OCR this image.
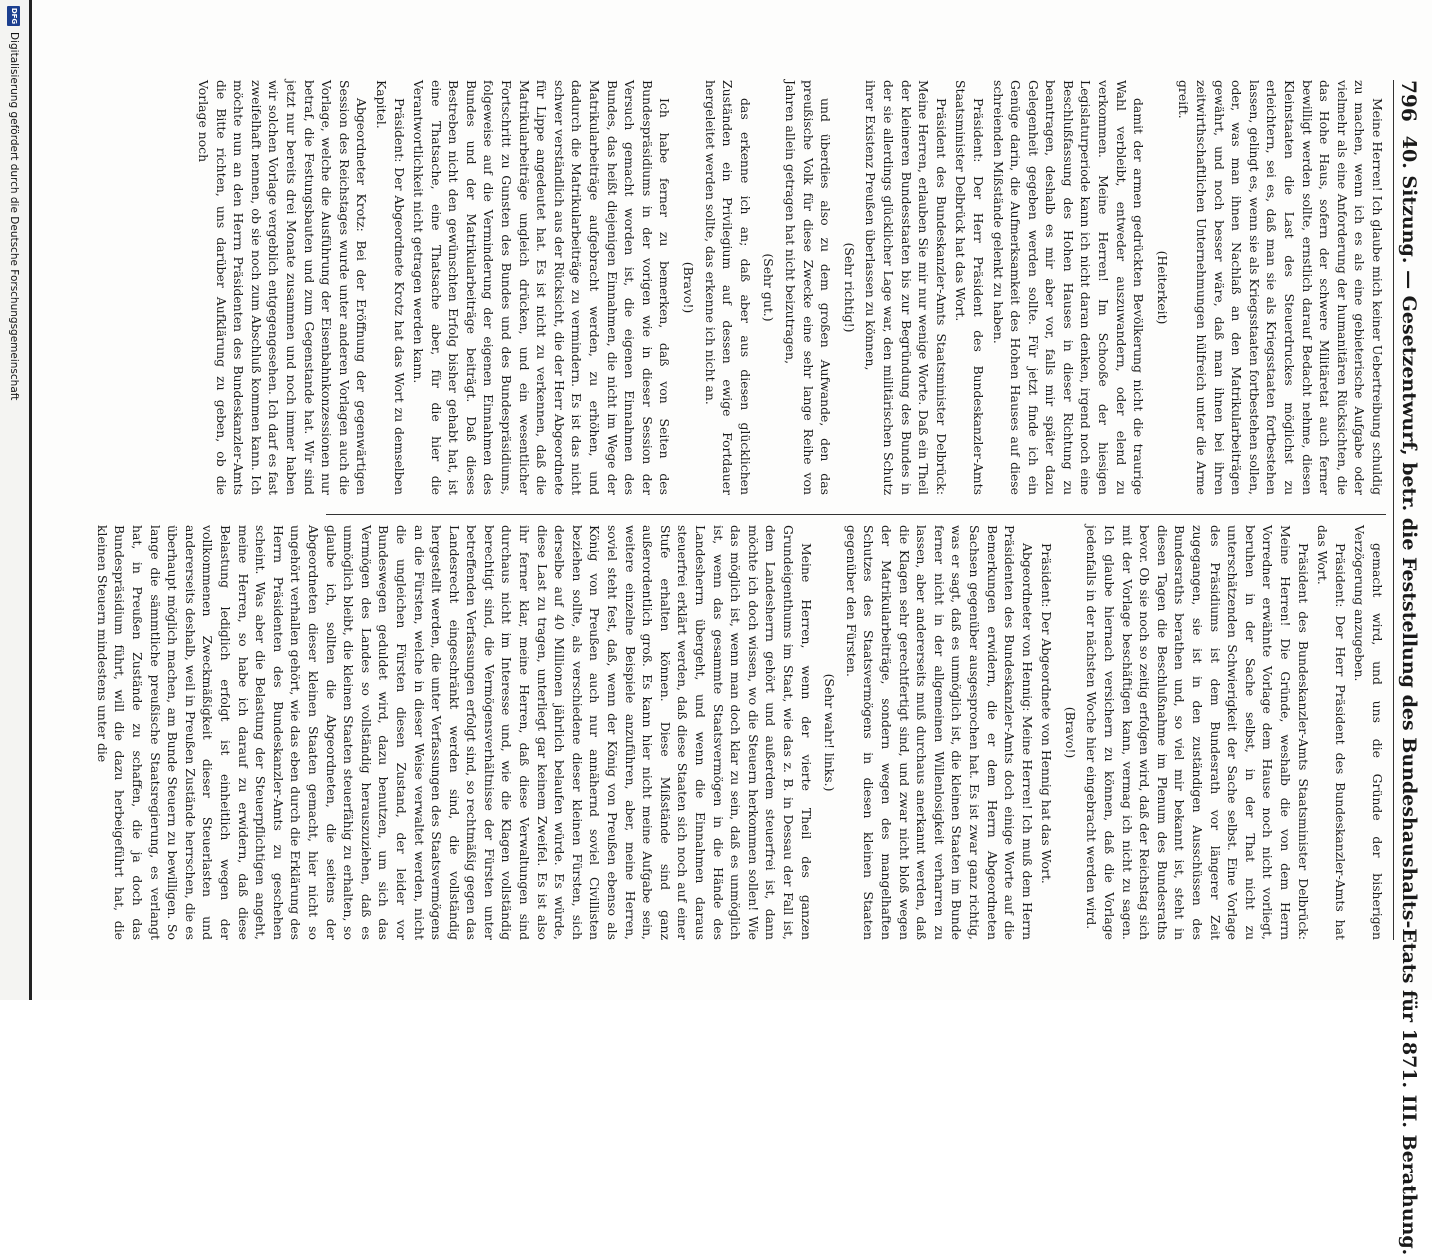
796
40. Sitzung. — Gesetzentwurf, betr. die Feststellung des Bundeshaushalts-Etats für 1871. III. Berathung.

Meine Herren! Ich glaube mich keiner Uebertreibung schuldig zu machen, wenn ich es als eine gebieterische Aufgabe oder vielmehr als eine Anforderung der humanitären Rücksichten, die das Hohe Haus, sofern der schwere Militäretat auch ferner bewilligt werden sollte, ernstlich darauf Bedacht nehme, diesen Kleinstaaten die Last des Steuerdruckes möglichst zu erleichtern, sei es, daß man sie als Kriegsstaaten fortbestehen lassen, gelingt es, wenn sie als Kriegsstaaten fortbestehen sollen, oder, was man ihnen Nachlaß an den Matrikularbeiträgen gewährt, und noch besser wäre, daß man ihnen bei ihren zeitwirthschaftlichen Unternehmungen hülfreich unter die Arme greift.

(Heiterkeit)

damit der armen gedrückten Bevölkerung nicht die traurige Wahl verbleibt, entweder auszuwandern, oder elend zu verkommen. Meine Herren! Im Schooße der hiesigen Legislaturperiode kann ich nicht daran denken, irgend noch eine Beschlußfassung des Hohen Hauses in dieser Richtung zu beantragen, deshalb es mir aber vor, falls mir später dazu Gelegenheit gegeben werden sollte. Für jetzt finde ich ein Genüge darin, die Aufmerksamkeit des Hohen Hauses auf diese schreienden Mißstände gelenkt zu haben.

Präsident: Der Herr Präsident des Bundeskanzler-Amts Staatsminister Delbrück hat das Wort.

Präsident des Bundeskanzler-Amts Staatsminister Delbrück: Meine Herren, erlauben Sie mir nur wenige Worte. Daß ein Theil der kleineren Bundesstaaten bis zur Begründung des Bundes in der sie allerdings glücklicher Lage war, den militärischen Schutz ihrer Existenz Preußen überlassen zu können,

(Sehr richtig!)

und überdies also zu dem großen Aufwande, den das preußische Volk für diese Zwecke eine sehr lange Reihe von Jahren allein getragen hat nicht beizutragen,

(Sehr gut.)

das erkenne ich an; daß aber aus diesen glücklichen Zuständen ein Privilegium auf dessen ewige Fortdauer hergeleitet werden sollte, das erkenne ich nicht an.

(Bravo!)

Ich habe ferner zu bemerken, daß von Seiten des Bundespräsidiums in der vorigen wie in dieser Session der Versuch gemacht worden ist, die eigenen Einnahmen des Bundes, das heißt diejenigen Einnahmen, die nicht im Wege der Matrikularbeiträge aufgebracht werden, zu erhöhen, und dadurch die Matrikularbeiträge zu vermindern. Es ist das nicht schwer verständlich aus der Rücksicht, die der Herr Abgeordnete für Lippe angedeutet hat. Es ist nicht zu verkennen, daß die Matrikularbeiträge ungleich drücken, und ein wesentlicher Fortschritt zu Gunsten des Bundes und des Bundespräsidiums, folgeweise auf die Verminderung der eigenen Einnahmen des Bundes und der Matrikularbeiträge beiträgt. Daß dieses Bestreben nicht den gewünschten Erfolg bisher gehabt hat, ist eine Thatsache, eine Thatsache aber, für die hier die Verantwortlichkeit nicht getragen werden kann.

Präsident: Der Abgeordnete Krotz hat das Wort zu demselben Kapitel.

Abgeordneter Krotz: Bei der Eröffnung der gegenwärtigen Session des Reichstages wurde unter anderen Vorlagen auch die Vorlage, welche die Ausführung der Eisenbahnkonzessionen nur betraf, die Festungsbauten und zum Gegenstande hat. Wir sind jetzt nur bereits drei Monate zusammen und noch immer haben wir solchen Vorlage vergeblich entgegengesehen. Ich darf es fast zweifelhaft nennen, ob sie noch zum Abschluß kommen kann. Ich möchte nun an den Herrn Präsidenten des Bundeskanzler-Amts die Bitte richten, uns darüber Aufklärung zu geben, ob die Vorlage noch

gemacht wird, und uns die Gründe der bisherigen Verzögerung anzugeben.

Präsident: Der Herr Präsident des Bundeskanzler-Amts hat das Wort.

Präsident des Bundeskanzler-Amts Staatsminister Delbrück: Meine Herren! Die Gründe, weshalb die von dem Herrn Vorredner erwähnte Vorlage dem Hause noch nicht vorliegt, beruhen in der Sache selbst, in der That nicht zu unterschätzenden Schwierigkeit der Sache selbst. Eine Vorlage des Präsidiums ist dem Bundesrath vor längerer Zeit zugegangen, sie ist in den zuständigen Ausschüssen des Bundesraths berathen und, so viel mir bekannt ist, steht in diesen Tagen die Beschlußnahme im Plenum des Bundesraths bevor. Ob sie noch so zeitig erfolgen wird, daß der Reichstag sich mit der Vorlage beschäftigen kann, vermag ich nicht zu sagen. Ich glaube hiernach versichern zu können, daß die Vorlage jedenfalls in der nächsten Woche hier eingebracht werden wird.

(Bravo!)

Präsident: Der Abgeordnete von Hennig hat das Wort.

Abgeordneter von Hennig: Meine Herren! Ich muß dem Herrn Präsidenten des Bundeskanzler-Amts doch einige Worte auf die Bemerkungen erwidern, die er dem Herrn Abgeordneten Sachsen gegenüber ausgesprochen hat. Es ist zwar ganz richtig, was er sagt, daß es unmöglich ist, die kleinen Staaten im Bunde ferner nicht in der allgemeinen Willenlosigkeit verharren zu lassen, aber andererseits muß durchaus anerkannt werden, daß die Klagen sehr gerechtfertigt sind, und zwar nicht bloß wegen der Matrikularbeiträge, sondern wegen des mangelhaften Schutzes des Staatsvermögens in diesen kleinen Staaten gegenüber den Fürsten.

(Sehr wahr! links.)

Meine Herren, wenn der vierte Theil des ganzen Grundeigenthums im Staat, wie das z. B. in Dessau der Fall ist, dem Landesherrn gehört und außerdem steuerfrei ist, dann möchte ich doch wissen, wo die Steuern herkommen sollen! Wie das möglich ist, wenn man doch klar zu sein, daß es unmöglich ist, wenn das gesammte Staatsvermögen in die Hände des Landesherrn übergeht, und wenn die Einnahmen daraus steuerfrei erklärt werden, daß diese Staaten sich noch auf einer Stufe erhalten können. Diese Mißstände sind ganz außerordentlich groß. Es kann hier nicht meine Aufgabe sein, weitere einzelne Beispiele anzuführen, aber, meine Herren, soviel steht fest, daß, wenn der König von Preußen ebenso als König von Preußen auch nur annähernd soviel Civillisten beziehen sollte, als verschiedene dieser kleinen Fürsten, sich derselbe auf 40 Millionen jährlich belaufen würde. Es würde, diese Last zu tragen, unterliegt gar keinem Zweifel. Es ist also ihr ferner klar, meine Herren, daß diese Verwaltungen sind durchaus nicht im Interesse und, wie die Klagen vollständig berechtigt sind, die Vermögensverhältnisse der Fürsten unter betreffenden Verfassungen erfolgt sind, so rechtmäßig gegen das Landesrecht eingeschränkt werden sind, die vollständig hergestellt werden, die unter Verfassungen des Staatsvermögens an die Fürsten, welche in dieser Weise verwaltet werden, nicht die ungleichen Fürsten diesen Zustand, der leider vor Bundeswegen geduldet wird, dazu benutzen, um sich das Vermögen des Landes so vollständig herauszuziehen, daß es unmöglich bleibt, die kleinen Staaten steuerfähig zu erhalten, so glaube ich, sollten die Abgeordneten, die seitens der Abgeordneten dieser kleinen Staaten gemacht, hier nicht so ungehört verhallen gehört, wie das eben durch die Erklärung des Herrn Präsidenten des Bundeskanzler-Amts zu geschehen scheint. Was aber die Belastung der Steuerpflichtigen angeht, meine Herren, so habe ich darauf zu erwidern, daß diese Belastung lediglich erfolgt ist einheitlich wegen der vollkommenen Zweckmäßigkeit dieser Steuerlasten und andererseits deshalb, weil in Preußen Zustände herrschen, die es überhaupt möglich machen, am Bunde Steuern zu bewilligen. So lange die sämmtliche preußische Staatsregierung, es verlangt hat, in Preußen Zustände zu schaffen, die ja doch das Bundespräsidium führt, will die dazu herbeigeführt hat, die kleinen Steuern mindestens unter die

DFG
Digitalisierung gefördert durch die Deutsche Forschungsgemeinschaft
